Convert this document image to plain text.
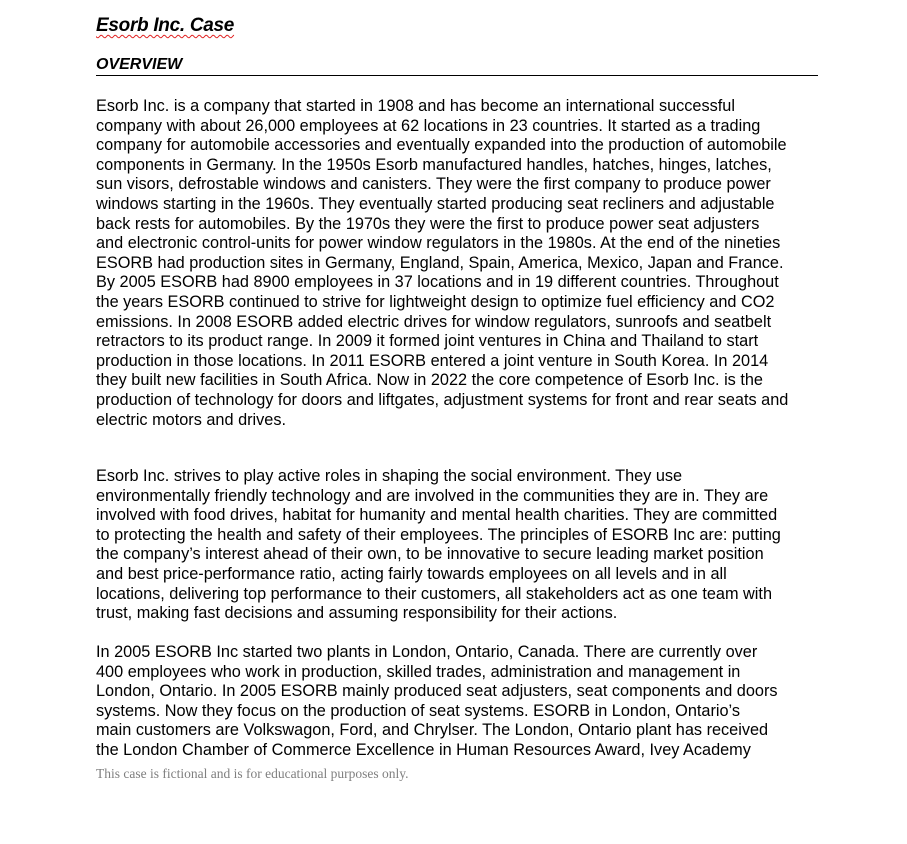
Esorb Inc. Case
OVERVIEW
Esorb Inc. is a company that started in 1908 and has become an international successful
company with about 26,000 employees at 62 locations in 23 countries. It started as a trading
company for automobile accessories and eventually expanded into the production of automobile
components in Germany. In the 1950s Esorb manufactured handles, hatches, hinges, latches,
sun visors, defrostable windows and canisters. They were the first company to produce power
windows starting in the 1960s. They eventually started producing seat recliners and adjustable
back rests for automobiles. By the 1970s they were the first to produce power seat adjusters
and electronic control-units for power window regulators in the 1980s. At the end of the nineties
ESORB had production sites in Germany, England, Spain, America, Mexico, Japan and France.
By 2005 ESORB had 8900 employees in 37 locations and in 19 different countries. Throughout
the years ESORB continued to strive for lightweight design to optimize fuel efficiency and CO2
emissions. In 2008 ESORB added electric drives for window regulators, sunroofs and seatbelt
retractors to its product range. In 2009 it formed joint ventures in China and Thailand to start
production in those locations. In 2011 ESORB entered a joint venture in South Korea. In 2014
they built new facilities in South Africa. Now in 2022 the core competence of Esorb Inc. is the
production of technology for doors and liftgates, adjustment systems for front and rear seats and
electric motors and drives.
Esorb Inc. strives to play active roles in shaping the social environment. They use
environmentally friendly technology and are involved in the communities they are in. They are
involved with food drives, habitat for humanity and mental health charities. They are committed
to protecting the health and safety of their employees. The principles of ESORB Inc are: putting
the company’s interest ahead of their own, to be innovative to secure leading market position
and best price-performance ratio, acting fairly towards employees on all levels and in all
locations, delivering top performance to their customers, all stakeholders act as one team with
trust, making fast decisions and assuming responsibility for their actions.
In 2005 ESORB Inc started two plants in London, Ontario, Canada. There are currently over
400 employees who work in production, skilled trades, administration and management in
London, Ontario. In 2005 ESORB mainly produced seat adjusters, seat components and doors
systems. Now they focus on the production of seat systems. ESORB in London, Ontario’s
main customers are Volkswagon, Ford, and Chrylser. The London, Ontario plant has received
the London Chamber of Commerce Excellence in Human Resources Award, Ivey Academy
This case is fictional and is for educational purposes only.
